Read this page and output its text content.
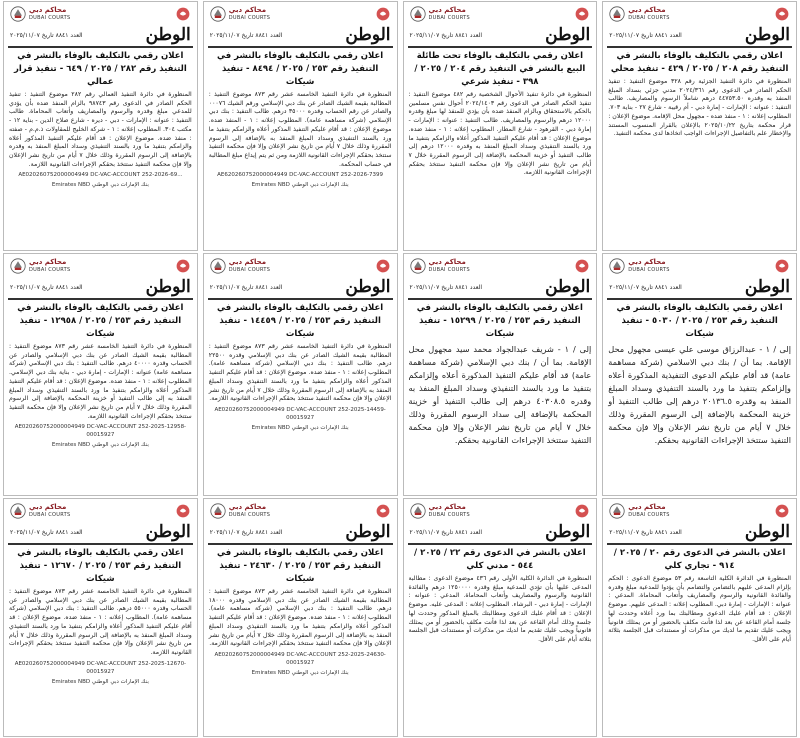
محاكم دبي
DUBAI COURTS
الوطن
العدد ٨٨٤١ تاريخ ٢٠٢٥/١١/٠٧
اعلان رقمي بالتكليف بالوفاء بالنشر في التنفيذ رقم ٢٨٢ / ٢٠٢٥ / ٦٤٩ - تنفيذ قرار عمالي

المنظورة في دائرة التنفيذ العمالي رقم ٢٨٢ موضوع التنفيذ : تنفيذ الحكم الصادر في الدعوى رقم ٩٨٧٤٣ بالزام المنفذ ضده بأن يؤدي للمدعي مبلغ وقدره والرسوم والمصاريف وأتعاب المحاماة. طالب التنفيذ : عنوانه : الإمارات - دبي - ديره - شارع صلاح الدين - بناية ١٢ - مكتب ٣٠٤. المطلوب إعلانه : ١ - شركة الخليج للمقاولات ذ.م.م - صفته : منفذ ضده. موضوع الإعلان : قد أقام عليكم التنفيذ المذكور أعلاه والزامكم بتنفيذ ما ورد بالسند التنفيذي وسداد المبلغ المنفذ به وقدره بالإضافة إلى الرسوم المقررة وذلك خلال ٧ أيام من تاريخ نشر الإعلان وإلا فإن محكمة التنفيذ ستتخذ بحقكم الإجراءات القانونية اللازمة.

AE020260752000004949 DC-VAC-ACCOUNT 252-2026-69...
بنك الإمارات دبي الوطني Emirates NBD
محاكم دبي
DUBAI COURTS
الوطن
العدد ٨٨٤١ تاريخ ٢٠٢٥/١١/٠٧
اعلان رقمي بالتكليف بالوفاء بالنشر في التنفيذ رقم ٢٥٣ / ٢٠٢٥ / ٨٤٩٤ - تنفيذ شيكات

المنظورة في دائرة التنفيذ الخامسة عشر رقم ٨٧٣ موضوع التنفيذ : المطالبة بقيمة الشيك الصادر عن بنك دبي الإسلامي ورقم الشيك ٠٠٠٧٦ والصادر عن رقم الحساب وقدره ٣٥٠٠٠ درهم. طالب التنفيذ : بنك دبي الإسلامي (شركة مساهمة عامة). المطلوب إعلانه : ١ - المنفذ ضده. موضوع الإعلان : قد أقام عليكم التنفيذ المذكور أعلاه والزامكم بتنفيذ ما ورد بالسند التنفيذي وسداد المبلغ المنفذ به بالإضافة إلى الرسوم المقررة وذلك خلال ٧ أيام من تاريخ نشر الإعلان وإلا فإن محكمة التنفيذ ستتخذ بحقكم الإجراءات القانونية اللازمة ومن ثم يتم إيداع مبلغ المطالبة في حساب المحكمة.

AE620260752000004949 DC-VAC-ACCOUNT 252-2026-7399
بنك الإمارات دبي الوطني Emirates NBD
محاكم دبي
DUBAI COURTS
الوطن
العدد ٨٨٤١ تاريخ ٢٠٢٥/١١/٠٧
اعلان رقمي بالتكليف بالوفاء تحت طائلة البيع بالنشر في التنفيذ رقم ٢٠٤ / ٢٠٢٥ / ٣٩٨ - تنفيذ شرعي

المنظورة في دائرة تنفيذ الأحوال الشخصية رقم ٤٨٢ موضوع التنفيذ : تنفيذ الحكم الصادر في الدعوى رقم ٢٠٢٤/١٤٠٣ أحوال نفس مسلمين بالحكم بالاستحقاق وبالزام المنفذ ضده بأن يؤدي للمنفذ لها مبلغ وقدره ١٢٠٠٠ درهم والرسوم والمصاريف. طالب التنفيذ : عنوانه : الإمارات - إمارة دبي - القرهود - شارع المطار. المطلوب إعلانه : ١ - منفذ ضده. موضوع الإعلان : قد أقام عليكم التنفيذ المذكور أعلاه والزامكم بتنفيذ ما ورد بالسند التنفيذي وسداد المبلغ المنفذ به وقدره ١٢٠٠٠ درهم إلى طالب التنفيذ أو خزينة المحكمة بالإضافة إلى الرسوم المقررة خلال ٧ أيام من تاريخ نشر الإعلان وإلا فإن محكمة التنفيذ ستتخذ بحقكم الإجراءات القانونية اللازمة.

محاكم دبي
DUBAI COURTS
الوطن
العدد ٨٨٤١ تاريخ ٢٠٢٥/١١/٠٧
اعلان رقمي بالتكليف بالوفاء بالنشر في التنفيذ رقم ٢٠٨ / ٢٠٢٥ / ٤٢٩ - تنفيذ محلي

المنظورة في دائرة التنفيذ الجزئية رقم ٣٢٨ موضوع التنفيذ : تنفيذ الحكم الصادر في الدعوى رقم ٢٠٢٤/٣٦١ مدني جزئي بسداد المبلغ المنفذ به وقدره ٤٤٧٥٣.٥٠ درهم شاملاً الرسوم والمصاريف. طالب التنفيذ : عنوانه : الإمارات - إمارة دبي - أم رقيبة - شارع ٢٧ - بناية ٧٠٣. المطلوب إعلانه : ١ - منفذ ضده - مجهول محل الإقامة. موضوع الإعلان : قرار محكمة بتاريخ ٢٠٢٥/١٠/٢٢ بالإعلان بالقرار المنسوب المستند والإخطار علم بالتفاصيل الإجراءات الواجب اتخاذها لدى محكمة التنفيذ.

محاكم دبي
DUBAI COURTS
الوطن
العدد ٨٨٤١ تاريخ ٢٠٢٥/١١/٠٧
اعلان رقمي بالتكليف بالوفاء بالنشر في التنفيذ رقم ٢٥٣ / ٢٠٢٥ / ١٢٩٥٨ - تنفيذ شيكات

المنظورة في دائرة التنفيذ الخامسة عشر رقم ٨٧٣ موضوع التنفيذ : المطالبة بقيمة الشيك الصادر عن بنك دبي الإسلامي والصادر عن الحساب وقدره ٤٠٠٠٠ درهم. طالب التنفيذ : بنك دبي الإسلامي (شركة مساهمة عامة) عنوانه : الإمارات - إمارة دبي - بناية بنك دبي الإسلامي. المطلوب إعلانه : ١ - منفذ ضده. موضوع الإعلان : قد أقام عليكم التنفيذ المذكور أعلاه والزامكم بتنفيذ ما ورد بالسند التنفيذي وسداد المبلغ المنفذ به إلى طالب التنفيذ أو خزينة المحكمة بالإضافة إلى الرسوم المقررة وذلك خلال ٧ أيام من تاريخ نشر الإعلان وإلا فإن محكمة التنفيذ ستتخذ بحقكم الإجراءات القانونية اللازمة.

AE020260752000004949 DC-VAC-ACCOUNT 252-2025-12958-00015927
بنك الإمارات دبي الوطني Emirates NBD
محاكم دبي
DUBAI COURTS
الوطن
العدد ٨٨٤١ تاريخ ٢٠٢٥/١١/٠٧
اعلان رقمي بالتكليف بالوفاء بالنشر في التنفيذ رقم ٢٥٣ / ٢٠٢٥ / ١٤٤٥٩ - تنفيذ شيكات

المنظورة في دائرة التنفيذ الخامسة عشر رقم ٨٧٣ موضوع التنفيذ : المطالبة بقيمة الشيك الصادر عن بنك دبي الإسلامي وقدره ٢٢٥٠٠ درهم. طالب التنفيذ : بنك دبي الإسلامي (شركة مساهمة عامة). المطلوب إعلانه : ١ - منفذ ضده. موضوع الإعلان : قد أقام عليكم التنفيذ المذكور أعلاه والزامكم بتنفيذ ما ورد بالسند التنفيذي وسداد المبلغ المنفذ به بالإضافة إلى الرسوم المقررة وذلك خلال ٧ أيام من تاريخ نشر الإعلان وإلا فإن محكمة التنفيذ ستتخذ بحقكم الإجراءات القانونية اللازمة.

AE020260752000004949 DC-VAC-ACCOUNT 252-2025-14459-00015927
بنك الإمارات دبي الوطني Emirates NBD
محاكم دبي
DUBAI COURTS
الوطن
العدد ٨٨٤١ تاريخ ٢٠٢٥/١١/٠٧
اعلان رقمي بالتكليف بالوفاء بالنشر في التنفيذ رقم ٢٥٣ / ٢٠٢٥ / ١٥٢٩٩ - تنفيذ شيكات

إلى / ١ - شريف عبدالجواد محمد سيد مجهول محل الإقامة. بما أن / بنك دبي الإسلامي (شركة مساهمة عامة) قد أقام عليكم التنفيذ المذكورة أعلاه وإلزامكم بتنفيذ ما ورد بالسند التنفيذي وسداد المبلغ المنفذ به وقدره ٤٠٣٠٨.٥ درهم إلى طالب التنفيذ أو خزينة المحكمة بالإضافة إلى سداد الرسوم المقررة وذلك خلال ٧ أيام من تاريخ نشر الإعلان وإلا فإن محكمة التنفيذ ستتخذ الإجراءات القانونية بحقكم.

محاكم دبي
DUBAI COURTS
الوطن
العدد ٨٨٤١ تاريخ ٢٠٢٥/١١/٠٧
اعلان رقمي بالتكليف بالوفاء بالنشر في التنفيذ رقم ٢٥٣ / ٢٠٢٥ / ٥٠٣٠ - تنفيذ شيكات

إلى / ١ - عبدالرزاق موسى علي عيسى مجهول محل الإقامة. بما أن / بنك دبي الاسلامي (شركة مساهمة عامة) قد أقام عليكم الدعوى التنفيذية المذكورة أعلاه وإلزامكم بتنفيذ ما ورد بالسند التنفيذي وسداد المبلغ المنفذ به وقدره ٢٠١٣٦.٥ درهم إلى طالب التنفيذ أو خزينة المحكمة بالإضافة إلى الرسوم المقررة وذلك خلال ٧ أيام من تاريخ نشر الإعلان وإلا فإن محكمة التنفيذ ستتخذ الإجراءات القانونية بحقكم.

محاكم دبي
DUBAI COURTS
الوطن
العدد ٨٨٤١ تاريخ ٢٠٢٥/١١/٠٧
اعلان رقمي بالتكليف بالوفاء بالنشر في التنفيذ رقم ٢٥٣ / ٢٠٢٥ / ١٢٦٧٠ - تنفيذ شيكات

المنظورة في دائرة التنفيذ الخامسة عشر رقم ٨٧٣ موضوع التنفيذ : المطالبة بقيمة الشيك الصادر عن بنك دبي الإسلامي والصادر عن الحساب وقدره ٥٥٠٠٠ درهم. طالب التنفيذ : بنك دبي الإسلامي (شركة مساهمة عامة). المطلوب إعلانه : ١ - منفذ ضده. موضوع الإعلان : قد أقام عليكم التنفيذ المذكور أعلاه والزامكم بتنفيذ ما ورد بالسند التنفيذي وسداد المبلغ المنفذ به بالإضافة إلى الرسوم المقررة وذلك خلال ٧ أيام من تاريخ نشر الإعلان وإلا فإن محكمة التنفيذ ستتخذ بحقكم الإجراءات القانونية اللازمة.

AE020260752000004949 DC-VAC-ACCOUNT 252-2025-12670-00015927
بنك الإمارات دبي الوطني Emirates NBD
محاكم دبي
DUBAI COURTS
الوطن
العدد ٨٨٤١ تاريخ ٢٠٢٥/١١/٠٧
اعلان رقمي بالتكليف بالوفاء بالنشر في التنفيذ رقم ٢٥٣ / ٢٠٢٥ / ٢٤٦٣٠ - تنفيذ شيكات

المنظورة في دائرة التنفيذ الخامسة عشر رقم ٨٧٣ موضوع التنفيذ : المطالبة بقيمة الشيك الصادر عن بنك دبي الإسلامي وقدره ١٨٠٠٠ درهم. طالب التنفيذ : بنك دبي الإسلامي (شركة مساهمة عامة). المطلوب إعلانه : ١ - منفذ ضده. موضوع الإعلان : قد أقام عليكم التنفيذ المذكور أعلاه والزامكم بتنفيذ ما ورد بالسند التنفيذي وسداد المبلغ المنفذ به بالإضافة إلى الرسوم المقررة وذلك خلال ٧ أيام من تاريخ نشر الإعلان وإلا فإن محكمة التنفيذ ستتخذ بحقكم الإجراءات القانونية اللازمة.

AE020260752000004949 DC-VAC-ACCOUNT 252-2025-24630-00015927
بنك الإمارات دبي الوطني Emirates NBD
محاكم دبي
DUBAI COURTS
الوطن
العدد ٨٨٤١ تاريخ ٢٠٢٥/١١/٠٧
اعلان بالنشر في الدعوى رقم ٢٢ / ٢٠٢٥ / ٥٤٤ - مدني كلي

المنظورة في الدائرة الكلية الأولى رقم ٤٣٦ موضوع الدعوى : مطالبة المدعى عليها بأن تؤدي للمدعية مبلغ وقدره ١٢٥٠٠٠٠ درهم والفائدة القانونية والرسوم والمصاريف وأتعاب المحاماة. المدعي : عنوانه : الإمارات - إمارة دبي - البرشاء. المطلوب إعلانه : المدعى عليه. موضوع الإعلان : قد أقام عليك الدعوى ومطالبتك بالمبلغ المذكور وحددت لها جلسة وذلك أمام القاعة عن بعد لذا فأنت مكلف بالحضور أو من يمثلك قانونياً ويجب عليك تقديم ما لديك من مذكرات أو مستندات قبل الجلسة بثلاثة أيام على الأقل.

محاكم دبي
DUBAI COURTS
الوطن
العدد ٨٨٤١ تاريخ ٢٠٢٥/١١/٠٧
اعلان بالنشر في الدعوى رقم ٢٠ / ٢٠٢٥ / ٩١٤ - تجاري كلي

المنظورة في الدائرة الكلية التاسعة رقم ٥٣ موضوع الدعوى : الحكم بإلزام المدعى عليهم بالتضامن والتضامم بأن يؤدوا للمدعية مبلغ وقدره والفائدة القانونية والرسوم والمصاريف وأتعاب المحاماة. المدعي : عنوانه : الإمارات - إمارة دبي. المطلوب إعلانه : المدعى عليهم. موضوع الإعلان : قد أقام عليك الدعوى ومطالبتك بما ورد أعلاه وحددت لها جلسة أمام القاعة عن بعد لذا فأنت مكلف بالحضور أو من يمثلك قانونياً ويجب عليك تقديم ما لديك من مذكرات أو مستندات قبل الجلسة بثلاثة أيام على الأقل.
